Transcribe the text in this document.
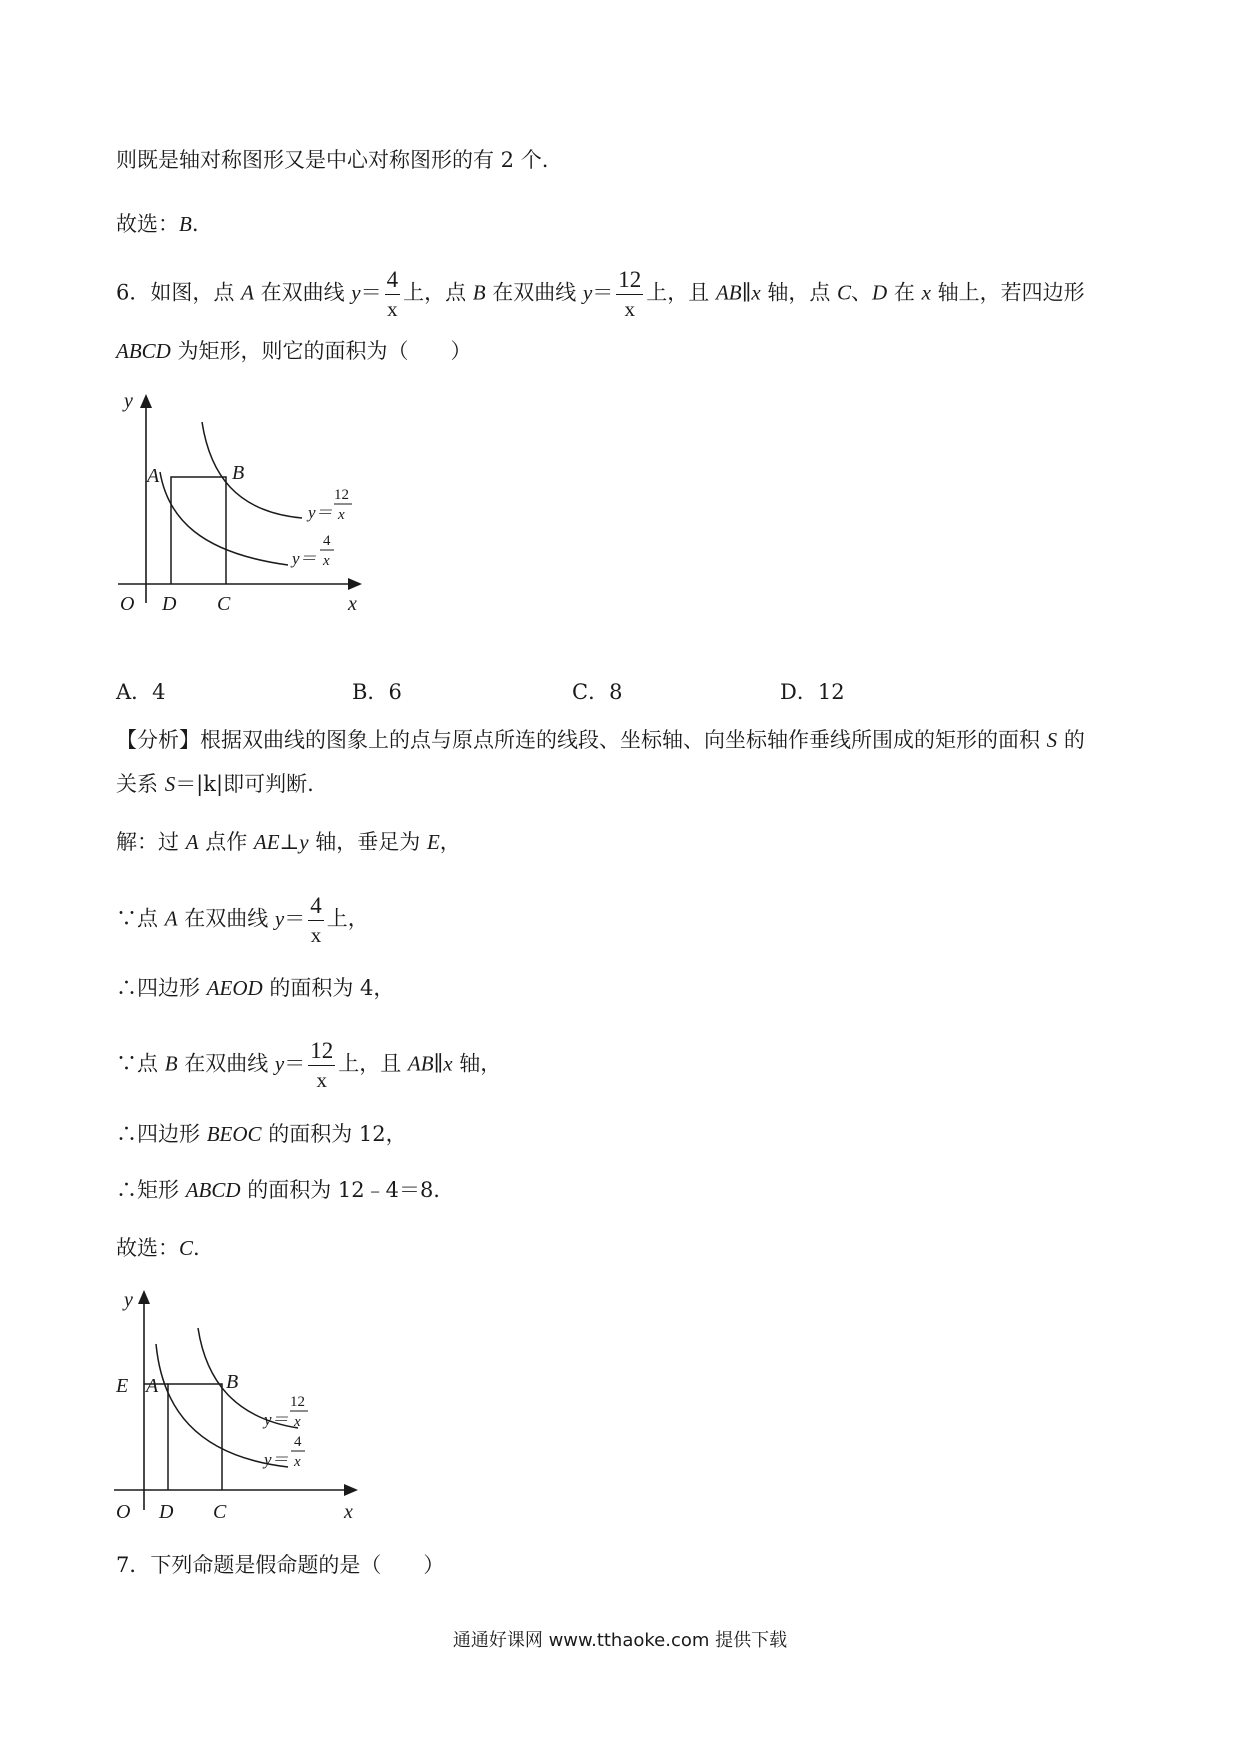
则既是轴对称图形又是中心对称图形的有 2 个.
故选：B.
6．如图，点 A 在双曲线 $y= \frac{4}{x}$ 上，点 B 在双曲线 $y= \frac{12}{x}$ 上，且 AB∥x 轴，点 C、D 在 x 轴上，若四边形
ABCD 为矩形，则它的面积为（　　）
y
x
O
A	B
D C
y＝
12
x
y＝
4
x
A．4	B．6	C．8	D．12
【分析】根据双曲线的图象上的点与原点所连的线段、坐标轴、向坐标轴作垂线所围成的矩形的面积 S 的
关系 S＝|k|即可判断.
解：过 A 点作 AE⊥y 轴，垂足为 E，
∵点 A 在双曲线 $y= \frac{4}{x}$ 上，
∴四边形 AEOD 的面积为 4，
∵点 B 在双曲线 $y= \frac{12}{x}$ 上，且 AB∥x 轴，
∴四边形 BEOC 的面积为 12，
∴矩形 ABCD 的面积为 12﹣4＝8.
故选：C.
y
x
O
E A	B
D C
y＝
12
x
y＝
4
x
7．下列命题是假命题的是（　　）
通通好课网 www.tthaoke.com 提供下载
